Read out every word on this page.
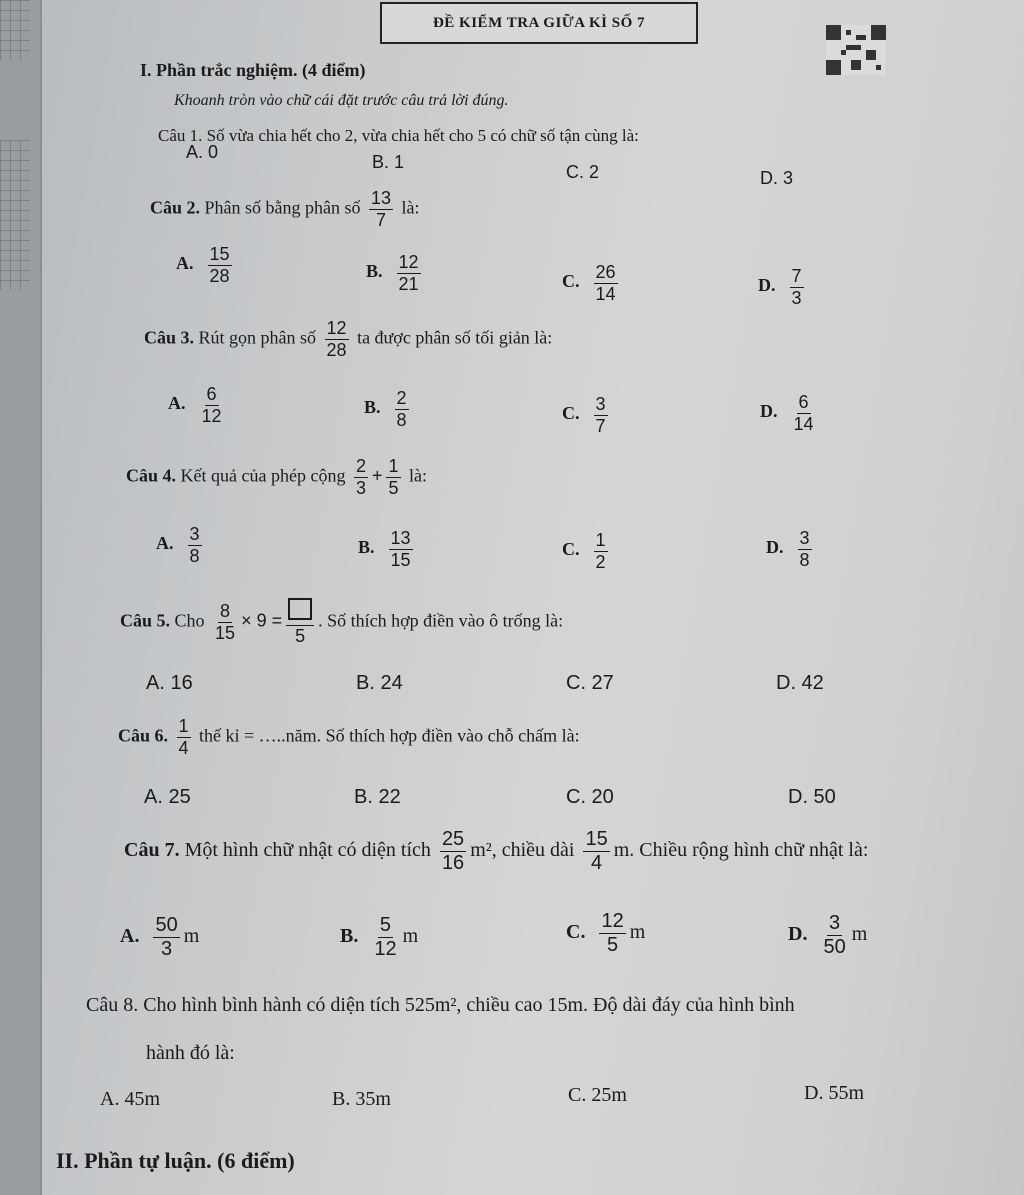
ĐỀ KIỂM TRA GIỮA KÌ SỐ 7
I. Phần trắc nghiệm. (4 điểm)
Khoanh tròn vào chữ cái đặt trước câu trả lời đúng.
Câu 1. Số vừa chia hết cho 2, vừa chia hết cho 5 có chữ số tận cùng là:
A. 0	B. 1	C. 2	D. 3
Câu 2. Phân số bằng phân số $\frac{13}{7}$ là:
A. $\frac{15}{28}$	B. $\frac{12}{21}$	C. $\frac{26}{14}$	D. $\frac{7}{3}$
Câu 3. Rút gọn phân số $\frac{12}{28}$ ta được phân số tối giản là:
A. $\frac{6}{12}$	B. $\frac{2}{8}$	C. $\frac{3}{7}$	D. $\frac{6}{14}$
Câu 4. Kết quả của phép cộng $\frac{2}{3} + \frac{1}{5}$ là:
A. $\frac{3}{8}$	B. $\frac{13}{15}$	C. $\frac{1}{2}$	D. $\frac{3}{8}$
Câu 5. Cho $\frac{8}{15} \times 9$ =
5
. Số thích hợp điền vào ô trống là:
A. 16	B. 24	C. 27	D. 42
Câu 6. $\frac{1}{4}$ thế kỉ = …..năm. Số thích hợp điền vào chỗ chấm là:
A. 25	B. 22	C. 20	D. 50
Câu 7. Một hình chữ nhật có diện tích $\frac{25}{16} m^2$, chiều dài $\frac{15}{4} m$. Chiều rộng hình chữ nhật là:
A. $\frac{50}{3}$ m	B. $\frac{5}{12}$ m	C. $\frac{12}{5}$ m	D. $\frac{3}{50}$ m
Câu 8. Cho hình bình hành có diện tích 525m², chiều cao 15m. Độ dài đáy của hình bình
hành đó là:
A. 45m	B. 35m	C. 25m	D. 55m
II. Phần tự luận. (6 điểm)
